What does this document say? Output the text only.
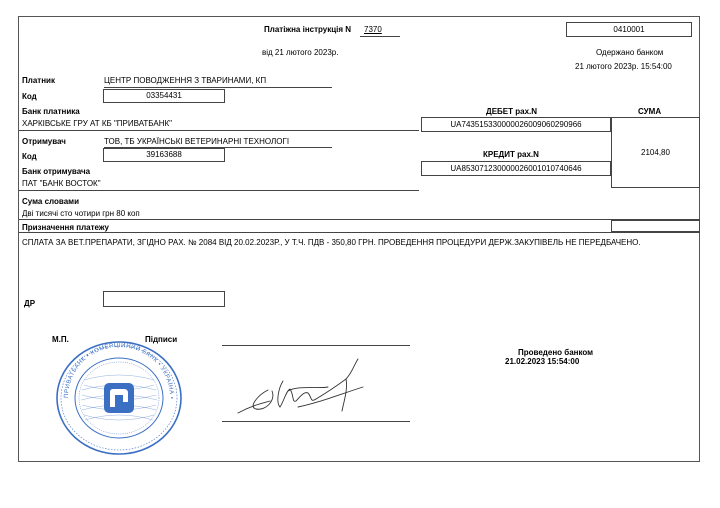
Платіжна інструкція N 7370	0410001
від 21 лютого 2023р.	Одержано банком
21 лютого 2023р. 15:54:00
Платник	ЦЕНТР ПОВОДЖЕННЯ З ТВАРИНАМИ, КП
Код	03354431
Банк платника
ХАРКІВСЬКЕ ГРУ АТ КБ "ПРИВАТБАНК"
ДЕБЕТ рах.N	СУМА
UA743515330000026009060290966
2104,80
Отримувач	ТОВ, ТБ УКРАЇНСЬКІ ВЕТЕРИНАРНІ ТЕХНОЛОГІ
Код	39163688	КРЕДИТ рах.N
UA853071230000026001010740646
Банк отримувача
ПАТ "БАНК ВОСТОК"
Сума словами
Дві тисячі сто чотири грн 80 коп
Призначення платежу
СПЛАТА ЗА ВЕТ.ПРЕПАРАТИ, ЗГІДНО РАХ. № 2084 ВІД 20.02.2023Р., У Т.Ч. ПДВ - 350,80 ГРН. ПРОВЕДЕННЯ ПРОЦЕДУРИ ДЕРЖ.ЗАКУПІВЕЛЬ НЕ ПЕРЕДБАЧЕНО.
ДР
М.П.	Підписи
Проведено банком
21.02.2023 15:54:00
ПРИВАТБАНК • КОМЕРЦІЙНИЙ БАНК • УКРАЇНА •
